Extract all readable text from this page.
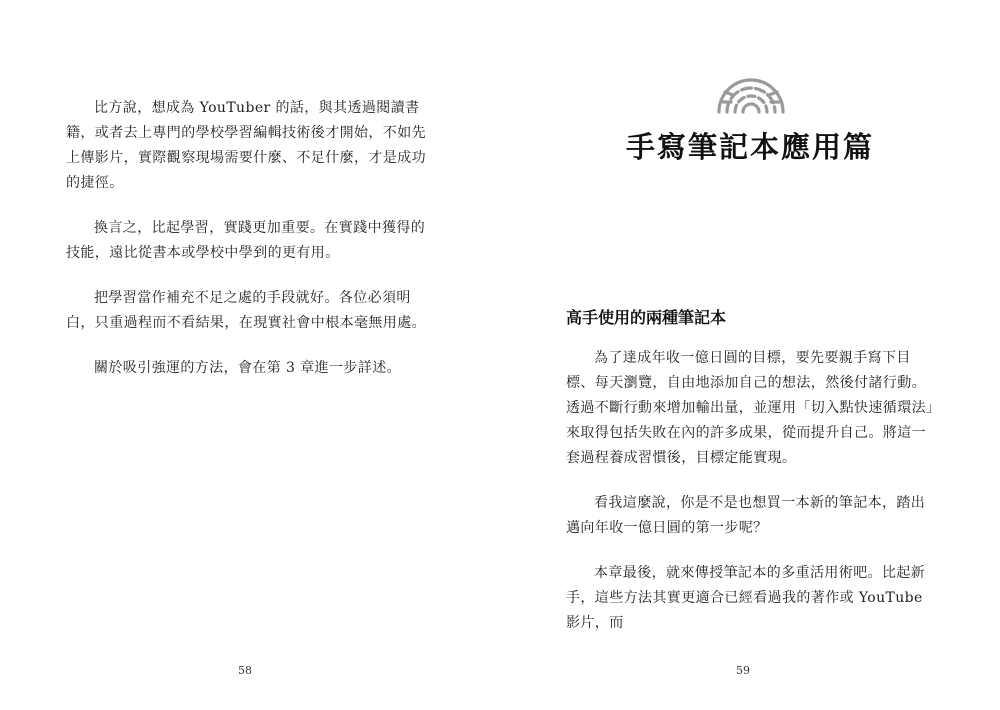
比方說，想成為 YouTuber 的話，與其透過閱讀書籍，或者去上專門的學校學習編輯技術後才開始，不如先上傳影片，實際觀察現場需要什麼、不足什麼，才是成功的捷徑。

換言之，比起學習，實踐更加重要。在實踐中獲得的技能，遠比從書本或學校中學到的更有用。

把學習當作補充不足之處的手段就好。各位必須明白，只重過程而不看結果，在現實社會中根本毫無用處。

關於吸引強運的方法，會在第 3 章進一步詳述。

58
手寫筆記本應用篇
高手使用的兩種筆記本

為了達成年收一億日圓的目標，要先要親手寫下目標、每天瀏覽，自由地添加自己的想法，然後付諸行動。透過不斷行動來增加輸出量，並運用「切入點快速循環法」來取得包括失敗在內的許多成果，從而提升自己。將這一套過程養成習慣後，目標定能實現。

看我這麼說，你是不是也想買一本新的筆記本，踏出邁向年收一億日圓的第一步呢？

本章最後，就來傳授筆記本的多重活用術吧。比起新手，這些方法其實更適合已經看過我的著作或 YouTube 影片，而

59
